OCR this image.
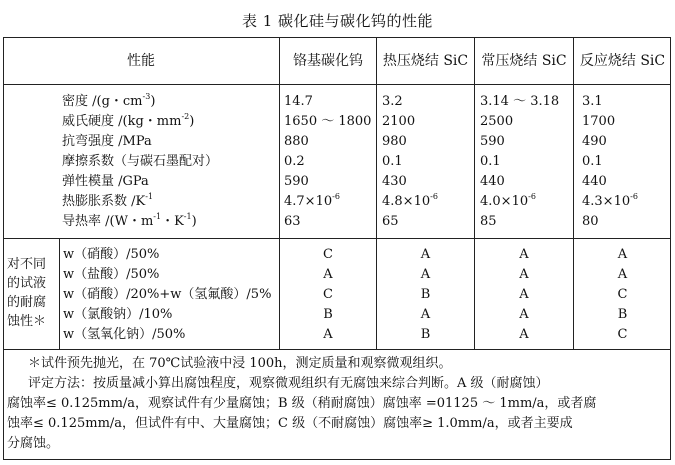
表 1 碳化硅与碳化钨的性能
性能	铬基碳化钨	热压烧结 SiC 常压烧结 SiC 反应烧结 SiC
密度 /(g・$cm^{-3}$)
威氏硬度 /(kg・$mm^{-2}$)
抗弯强度 /MPa
摩擦系数（与碳石墨配对）
弹性模量 /GPa
热膨胀系数 $/K^{-1}$
导热率 /(W・$m^{-1}$・$K^{-1}$)
14.7
1650 ～ 1800
880
0.2
590
$4.7\times 10^{-6}$
63
3.2
2100
980
0.1
430
$4.8\times 10^{-6}$
65
3.14 ～ 3.18
2500
590
0.1
440
$4.0\times 10^{-6}$
85
3.1
1700
490
0.1
440
$4.3\times 10^{-6}$
80
对不同
的试液
的耐腐
蚀性＊
w（硝酸）/50%
w（盐酸）/50%
w（硝酸）/20%+w（氢氟酸）/5%
w（氯酸钠）/10%
w（氢氧化钠）/50%
C
A
C
B
A
A
A
B
A
B
A
A
A
A
A
A
A
C
B
C
＊试件预先抛光，在 70℃试验液中浸 100h，测定质量和观察微观组织。
评定方法：按质量减小算出腐蚀程度，观察微观组织有无腐蚀来综合判断。A 级（耐腐蚀）
腐蚀率≤ 0.125mm/a，观察试件有少量腐蚀；B 级（稍耐腐蚀）腐蚀率 =01125 ～ 1mm/a，或者腐
蚀率≤ 0.125mm/a，但试件有中、大量腐蚀；C 级（不耐腐蚀）腐蚀率≥ 1.0mm/a，或者主要成
分腐蚀。
